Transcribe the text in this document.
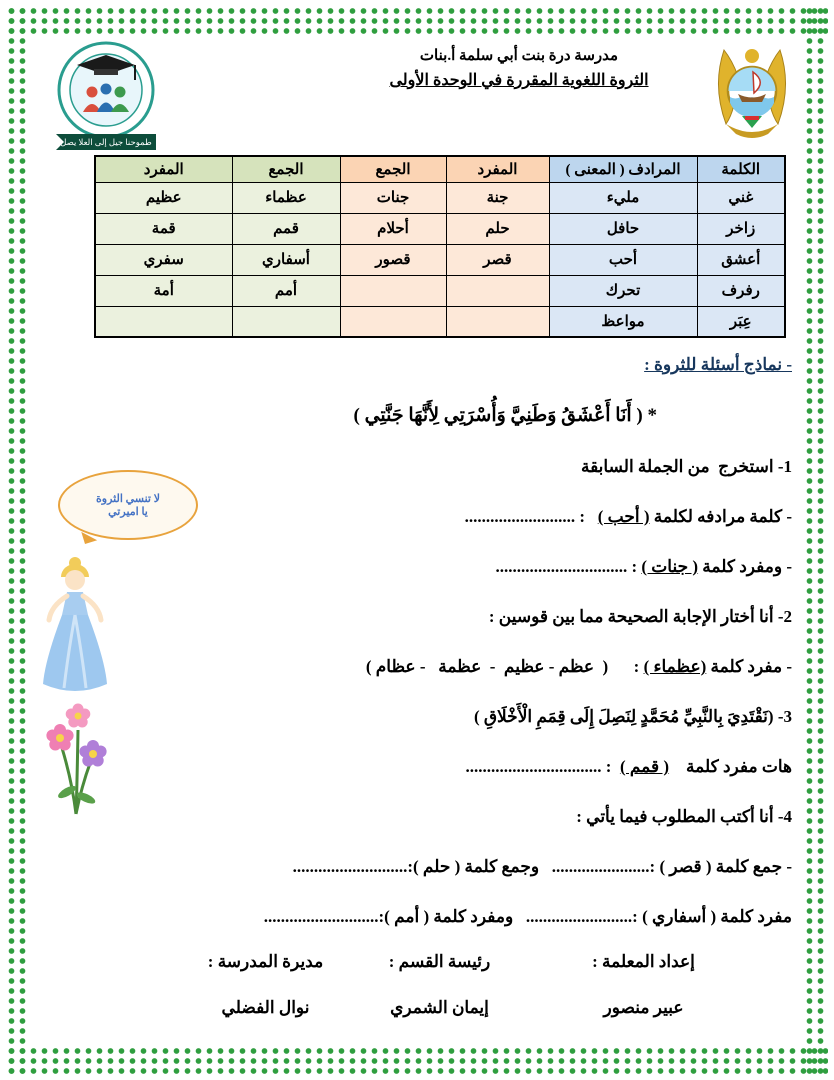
طموحنا جيل إلى العلا يصل
مدرسة درة بنت أبي سلمة أ.بنات
الثروة اللغوية المقررة في الوحدة الأولى
الكلمة	المرادف ( المعنى )	المفرد	الجمع	الجمع	المفرد
غني	مليء	جنة	جنات	عظماء	عظيم
زاخر	حافل	حلم	أحلام	قمم	قمة
أعشق	أحب	قصر	قصور	أسفاري	سفري
رفرف	تحرك			أمم	أمة
عِبَر	مواعظ				
- نماذج أسئلة للثروة :
* ( أَنَا أَعْشَقُ وَطَنِيَّ وَأُسْرَتِي لِأَنَّهَا جَنَّتِي )
1- استخرج  من الجملة السابقة
- كلمة مرادفه لكلمة ( أحب )   : ..........................
- ومفرد كلمة ( جنات ) : ...............................
2- أنا أختار الإجابة الصحيحة مما بين قوسين :
- مفرد كلمة (عظماء ) :      (  عظم - عظيم  -  عظمة   - عظام )
3- (نَقْتَدِيَ بِالنَّبِيِّ مُحَمَّدٍ لِنَصِلَ إِلَى قِمَمِ الْأَخْلَاقِ )
هات مفرد كلمة    ( قمم )  : ................................
4- أنا أكتب المطلوب فيما يأتي :
- جمع كلمة ( قصر ) :.......................   وجمع كلمة ( حلم ):...........................
مفرد كلمة ( أسفاري ) :.........................   ومفرد كلمة ( أمم ):...........................
لا تنسي الثروة
يا اميرتي
إعداد المعلمة :
عبير منصور
رئيسة القسم :
إيمان الشمري
مديرة المدرسة :
نوال الفضلي
